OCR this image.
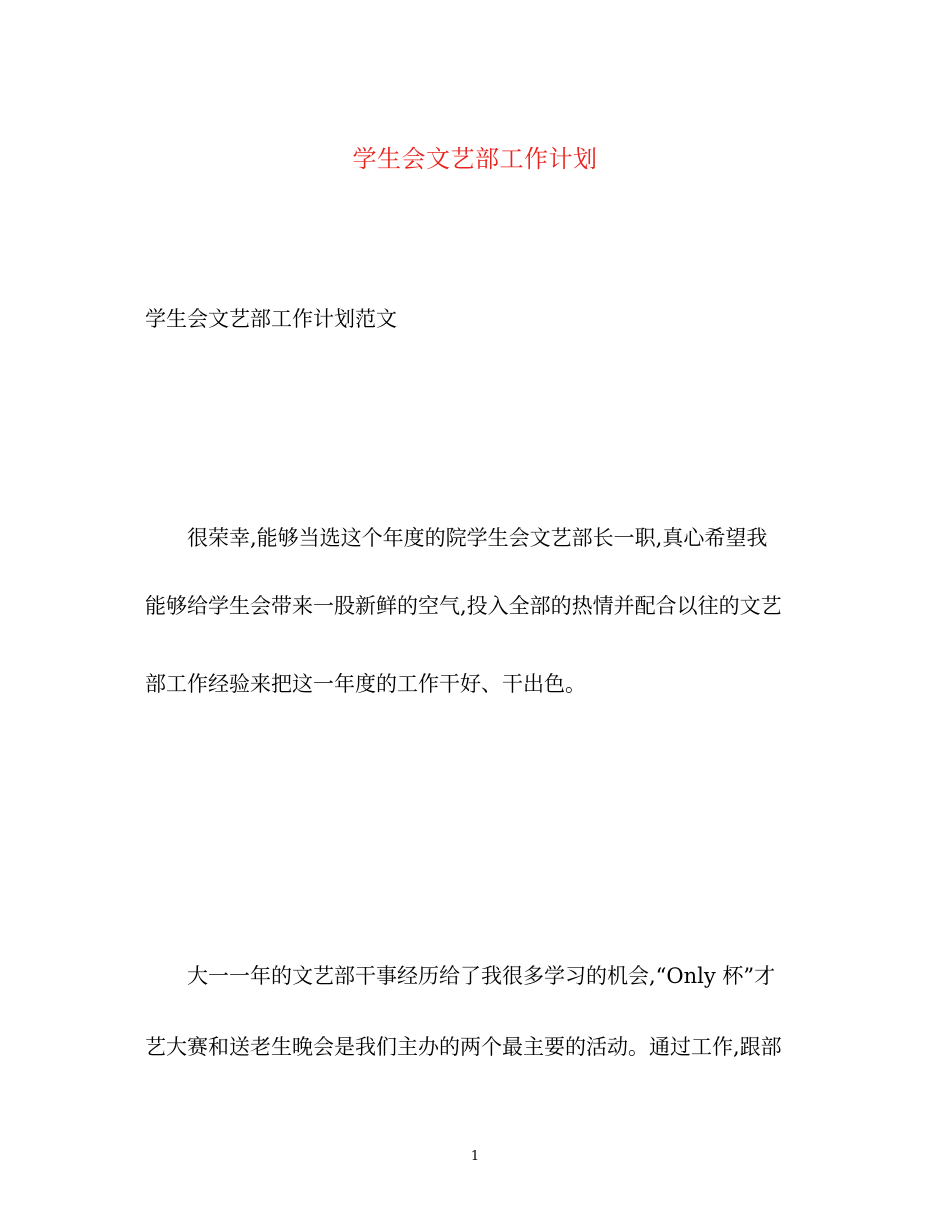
学生会文艺部工作计划
学生会文艺部工作计划范文
很荣幸,能够当选这个年度的院学生会文艺部长一职,真心希望我
能够给学生会带来一股新鲜的空气,投入全部的热情并配合以往的文艺
部工作经验来把这一年度的工作干好、干出色。
大一一年的文艺部干事经历给了我很多学习的机会,“Only 杯”才
艺大赛和送老生晚会是我们主办的两个最主要的活动。通过工作,跟部
1
